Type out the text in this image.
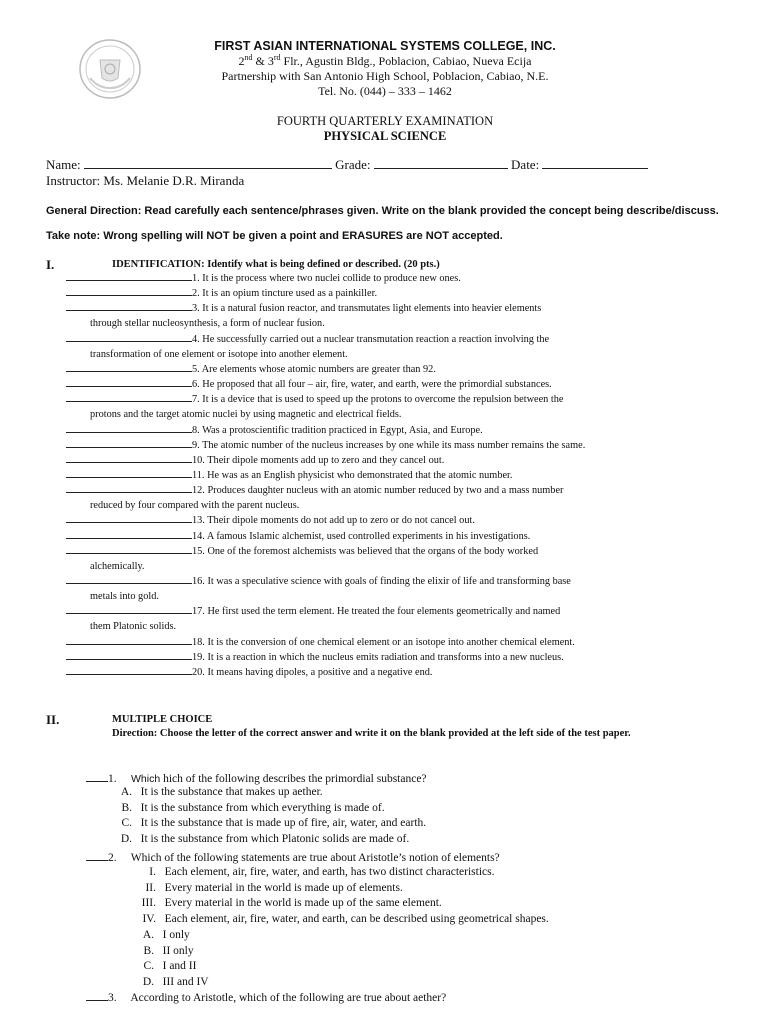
FIRST ASIAN INTERNATIONAL SYSTEMS COLLEGE, INC.
2nd & 3rd Flr., Agustin Bldg., Poblacion, Cabiao, Nueva Ecija
Partnership with San Antonio High School, Poblacion, Cabiao, N.E.
Tel. No. (044) – 333 – 1462
FOURTH QUARTERLY EXAMINATION
PHYSICAL SCIENCE
Name:	Grade:	Date:
Instructor: Ms. Melanie D.R. Miranda
General Direction: Read carefully each sentence/phrases given. Write on the blank provided the concept being describe/discuss.
Take note: Wrong spelling will NOT be given a point and ERASURES are NOT accepted.
I.	IDENTIFICATION: Identify what is being defined or described. (20 pts.)
1. It is the process where two nuclei collide to produce new ones.
2. It is an opium tincture used as a painkiller.
3. It is a natural fusion reactor, and transmutates light elements into heavier elements
through stellar nucleosynthesis, a form of nuclear fusion.
4. He successfully carried out a nuclear transmutation reaction a reaction involving the
transformation of one element or isotope into another element.
5. Are elements whose atomic numbers are greater than 92.
6. He proposed that all four – air, fire, water, and earth, were the primordial substances.
7. It is a device that is used to speed up the protons to overcome the repulsion between the
protons and the target atomic nuclei by using magnetic and electrical fields.
8. Was a protoscientific tradition practiced in Egypt, Asia, and Europe.
9. The atomic number of the nucleus increases by one while its mass number remains the same.
10. Their dipole moments add up to zero and they cancel out.
11. He was as an English physicist who demonstrated that the atomic number.
12. Produces daughter nucleus with an atomic number reduced by two and a mass number
reduced by four compared with the parent nucleus.
13. Their dipole moments do not add up to zero or do not cancel out.
14. A famous Islamic alchemist, used controlled experiments in his investigations.
15. One of the foremost alchemists was believed that the organs of the body worked
alchemically.
16. It was a speculative science with goals of finding the elixir of life and transforming base
metals into gold.
17. He first used the term element. He treated the four elements geometrically and named
them Platonic solids.
18. It is the conversion of one chemical element or an isotope into another chemical element.
19. It is a reaction in which the nucleus emits radiation and transforms into a new nucleus.
20. It means having dipoles, a positive and a negative end.
II.	MULTIPLE CHOICE
Direction: Choose the letter of the correct answer and write it on the blank provided at the left side of the test paper.
1. Which hich of the following describes the primordial substance?
A. It is the substance that makes up aether.
B. It is the substance from which everything is made of.
C. It is the substance that is made up of fire, air, water, and earth.
D. It is the substance from which Platonic solids are made of.
2. Which of the following statements are true about Aristotle’s notion of elements?
I. Each element, air, fire, water, and earth, has two distinct characteristics.
II. Every material in the world is made up of elements.
III. Every material in the world is made up of the same element.
IV. Each element, air, fire, water, and earth, can be described using geometrical shapes.
A. I only
B. II only
C. I and II
D. III and IV
3. According to Aristotle, which of the following are true about aether?
